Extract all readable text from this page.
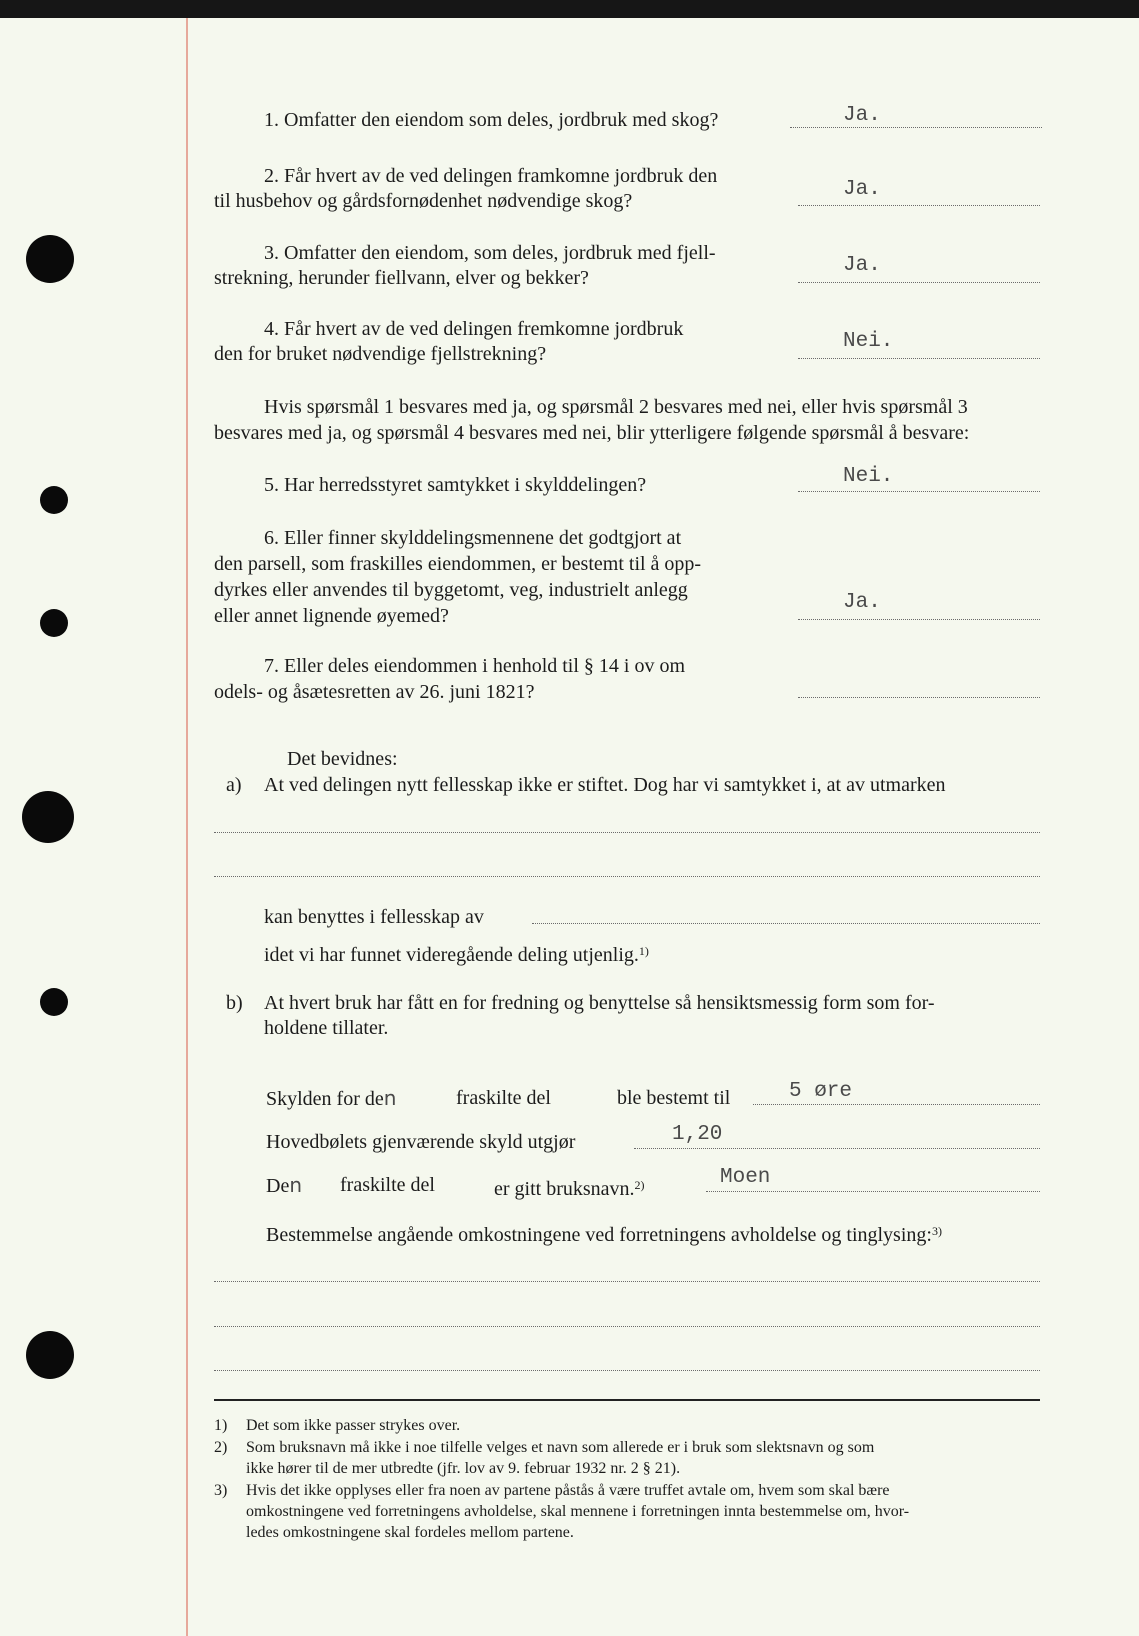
1. Omfatter den eiendom som deles, jordbruk med skog?	Ja.
2. Får hvert av de ved delingen framkomne jordbruk den
til husbehov og gårdsfornødenhet nødvendige skog?	Ja.
3. Omfatter den eiendom, som deles, jordbruk med fjell-
strekning, herunder fiellvann, elver og bekker?
Ja.
4. Får hvert av de ved delingen fremkomne jordbruk
den for bruket nødvendige fjellstrekning?
Nei.
Hvis spørsmål 1 besvares med ja, og spørsmål 2 besvares med nei, eller hvis spørsmål 3
besvares med ja, og spørsmål 4 besvares med nei, blir ytterligere følgende spørsmål å besvare:
5. Har herredsstyret samtykket i skylddelingen?	Nei.
6. Eller finner skylddelingsmennene det godtgjort at
den parsell, som fraskilles eiendommen, er bestemt til å opp-
dyrkes eller anvendes til byggetomt, veg, industrielt anlegg
eller annet lignende øyemed?
Ja.
7. Eller deles eiendommen i henhold til § 14 i ov om
odels- og åsætesretten av 26. juni 1821?
Det bevidnes:
a) At ved delingen nytt fellesskap ikke er stiftet. Dog har vi samtykket i, at av utmarken
kan benyttes i fellesskap av
idet vi har funnet videregående deling utjenlig.$^{1)}$
b) At hvert bruk har fått en for fredning og benyttelse så hensiktsmessig form som for-
holdene tillater.
Skylden for den	fraskilte del	ble bestemt til	5 øre
Hovedbølets gjenværende skyld utgjør	1,20
Den fraskilte del	er gitt bruksnavn.$^{2)}$	Moen
Bestemmelse angående omkostningene ved forretningens avholdelse og tinglysing:$^{3)}$
1) Det som ikke passer strykes over.
2) Som bruksnavn må ikke i noe tilfelle velges et navn som allerede er i bruk som slektsnavn og som
ikke hører til de mer utbredte (jfr. lov av 9. februar 1932 nr. 2 § 21).
3) Hvis det ikke opplyses eller fra noen av partene påstås å være truffet avtale om, hvem som skal bære
omkostningene ved forretningens avholdelse, skal mennene i forretningen innta bestemmelse om, hvor-
ledes omkostningene skal fordeles mellom partene.
